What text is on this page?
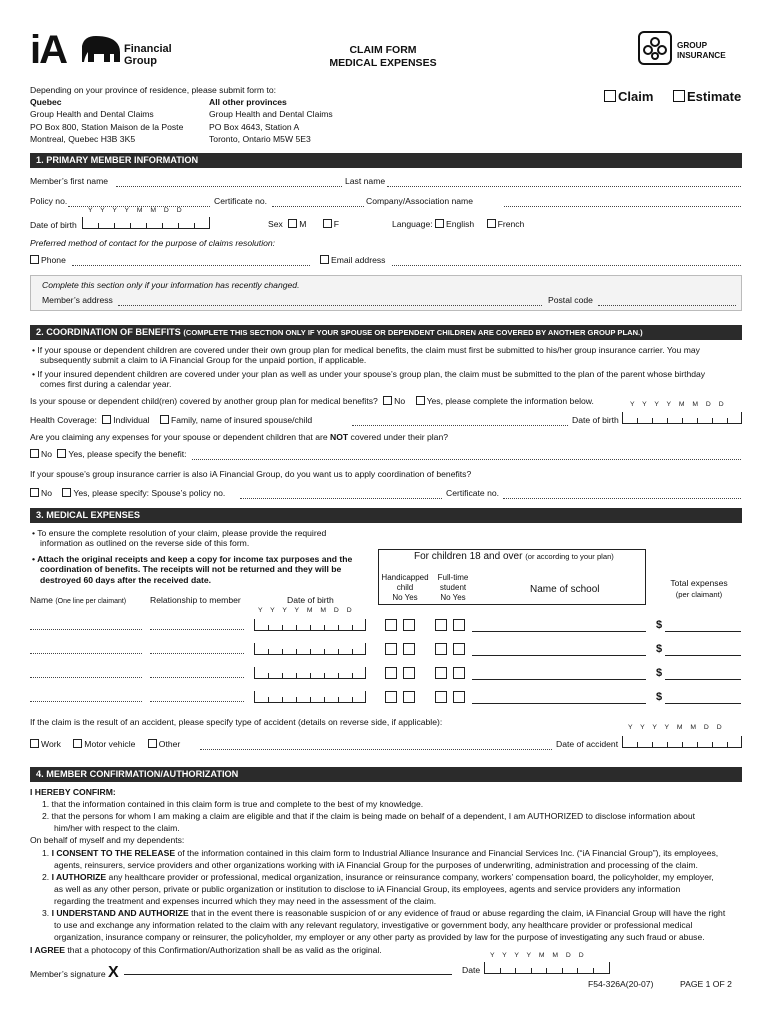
iA	Financial
Group
CLAIM FORM
MEDICAL EXPENSES
GROUP
INSURANCE
Depending on your province of residence, please submit form to:
Quebec
Group Health and Dental Claims
PO Box 800, Station Maison de la Poste
Montreal, Quebec H3B 3K5
All other provinces
Group Health and Dental Claims
PO Box 4643, Station A
Toronto, Ontario M5W 5E3
Claim	Estimate
1. PRIMARY MEMBER INFORMATION
Member’s first name	Last name
Policy no.	Certificate no.	Company/Association name
Y Y Y Y M M D D
Date of birth	Sex M	F	Language: English	French
Preferred method of contact for the purpose of claims resolution:
Phone	Email address
Complete this section only if your information has recently changed.
Member’s address	Postal code
2. COORDINATION OF BENEFITS (COMPLETE THIS SECTION ONLY IF YOUR SPOUSE OR DEPENDENT CHILDREN ARE COVERED BY ANOTHER GROUP PLAN.)
• If your spouse or dependent children are covered under their own group plan for medical benefits, the claim must first be submitted to his/her group insurance carrier. You may subsequently submit a claim to iA Financial Group for the unpaid portion, if applicable.
• If your insured dependent children are covered under your plan as well as under your spouse’s group plan, the claim must be submitted to the plan of the parent whose birthday comes first during a calendar year.
Is your spouse or dependent child(ren) covered by another group plan for medical benefits? No Yes, please complete the information below.	Y Y Y Y M M D D
Health Coverage: Individual Family, name of insured spouse/child	Date of birth
Are you claiming any expenses for your spouse or dependent children that are NOT covered under their plan?
No Yes, please specify the benefit:
If your spouse’s group insurance carrier is also iA Financial Group, do you want us to apply coordination of benefits?
No Yes, please specify: Spouse’s policy no.	Certificate no.
3. MEDICAL EXPENSES
• To ensure the complete resolution of your claim, please provide the required information as outlined on the reverse side of this form.
• Attach the original receipts and keep a copy for income tax purposes and the coordination of benefits. The receipts will not be returned and they will be destroyed 60 days after the received date.
For children 18 and over (or according to your plan)
Handicapped
child
No Yes
Full-time
student
No Yes
Name of school
Total expenses
(per claimant)
Name (One line per claimant)	Relationship to member	Date of birth
Y Y Y Y M M D D
$
$
$
$
If the claim is the result of an accident, please specify type of accident (details on reverse side, if applicable):
Y Y Y Y M M D D
Work	Motor vehicle	Other	Date of accident
4. MEMBER CONFIRMATION/AUTHORIZATION
I HEREBY CONFIRM:
1. that the information contained in this claim form is true and complete to the best of my knowledge.
2. that the persons for whom I am making a claim are eligible and that if the claim is being made on behalf of a dependent, I am AUTHORIZED to disclose information about
him/her with respect to the claim.
On behalf of myself and my dependents:
1. I CONSENT TO THE RELEASE of the information contained in this claim form to Industrial Alliance Insurance and Financial Services Inc. (“iA Financial Group”), its employees,
agents, reinsurers, service providers and other organizations working with iA Financial Group for the purposes of underwriting, administration and processing of the claim.
2. I AUTHORIZE any healthcare provider or professional, medical organization, insurance or reinsurance company, workers’ compensation board, the policyholder, my employer,
as well as any other person, private or public organization or institution to disclose to iA Financial Group, its employees, agents and service providers any information
regarding the treatment and expenses incurred which they may need in the assessment of the claim.
3. I UNDERSTAND AND AUTHORIZE that in the event there is reasonable suspicion of or any evidence of fraud or abuse regarding the claim, iA Financial Group will have the right
to use and exchange any information related to the claim with any relevant regulatory, investigative or government body, any healthcare provider or professional medical
organization, insurance company or reinsurer, the policyholder, my employer or any other party as provided by law for the purpose of investigating any such fraud or abuse.
I AGREE that a photocopy of this Confirmation/Authorization shall be as valid as the original.
Y Y Y Y M M D D
Member’s signature X	Date
F54-326A(20-07)	PAGE 1 OF 2
